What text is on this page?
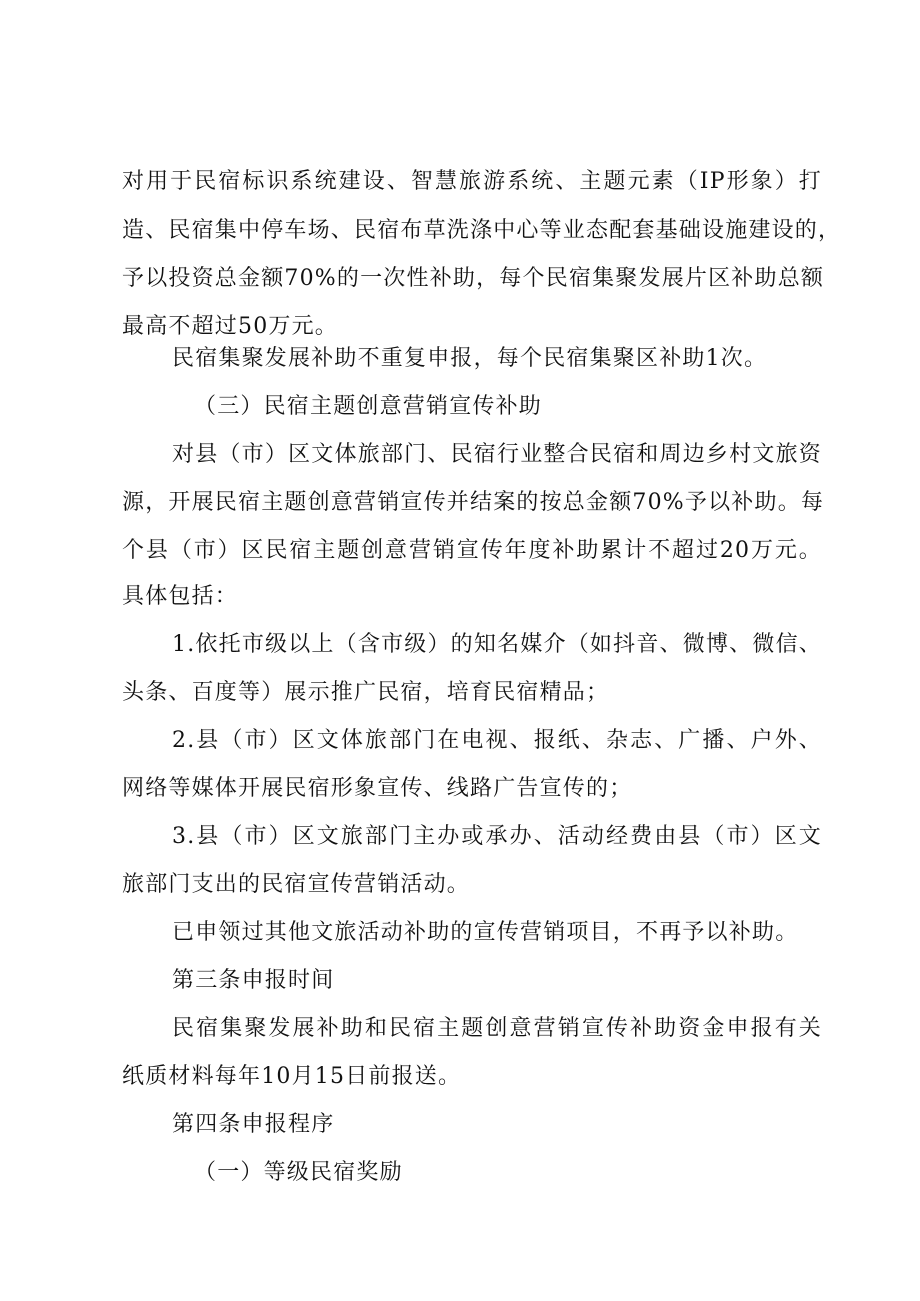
对用于民宿标识系统建设、智慧旅游系统、主题元素（IP形象）打
造、民宿集中停车场、民宿布草洗涤中心等业态配套基础设施建设的，
予以投资总金额70%的一次性补助，每个民宿集聚发展片区补助总额
最高不超过50万元。
民宿集聚发展补助不重复申报，每个民宿集聚区补助1次。
（三）民宿主题创意营销宣传补助
对县（市）区文体旅部门、民宿行业整合民宿和周边乡村文旅资
源，开展民宿主题创意营销宣传并结案的按总金额70%予以补助。每
个县（市）区民宿主题创意营销宣传年度补助累计不超过20万元。
具体包括：
1.依托市级以上（含市级）的知名媒介（如抖音、微博、微信、
头条、百度等）展示推广民宿，培育民宿精品；
2.县（市）区文体旅部门在电视、报纸、杂志、广播、户外、
网络等媒体开展民宿形象宣传、线路广告宣传的；
3.县（市）区文旅部门主办或承办、活动经费由县（市）区文
旅部门支出的民宿宣传营销活动。
已申领过其他文旅活动补助的宣传营销项目，不再予以补助。
第三条申报时间
民宿集聚发展补助和民宿主题创意营销宣传补助资金申报有关
纸质材料每年10月15日前报送。
第四条申报程序
（一）等级民宿奖励
